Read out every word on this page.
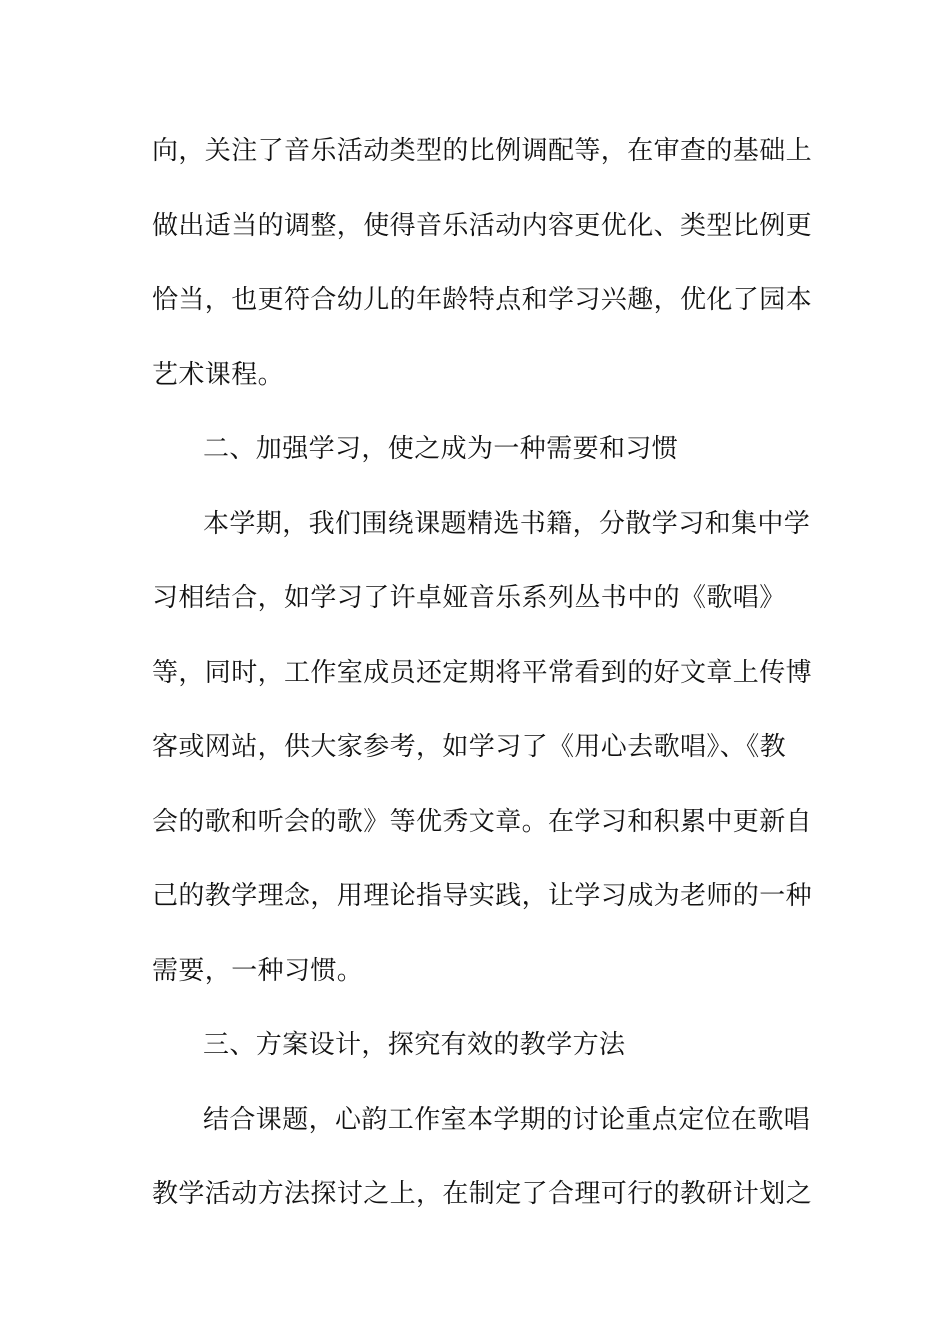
向，关注了音乐活动类型的比例调配等，在审查的基础上
做出适当的调整，使得音乐活动内容更优化、类型比例更
恰当，也更符合幼儿的年龄特点和学习兴趣，优化了园本
艺术课程。
二、加强学习，使之成为一种需要和习惯
本学期，我们围绕课题精选书籍，分散学习和集中学
习相结合，如学习了许卓娅音乐系列丛书中的《歌唱》
等，同时，工作室成员还定期将平常看到的好文章上传博
客或网站，供大家参考，如学习了《用心去歌唱》、《教
会的歌和听会的歌》等优秀文章。在学习和积累中更新自
己的教学理念，用理论指导实践，让学习成为老师的一种
需要，一种习惯。
三、方案设计，探究有效的教学方法
结合课题，心韵工作室本学期的讨论重点定位在歌唱
教学活动方法探讨之上，在制定了合理可行的教研计划之
